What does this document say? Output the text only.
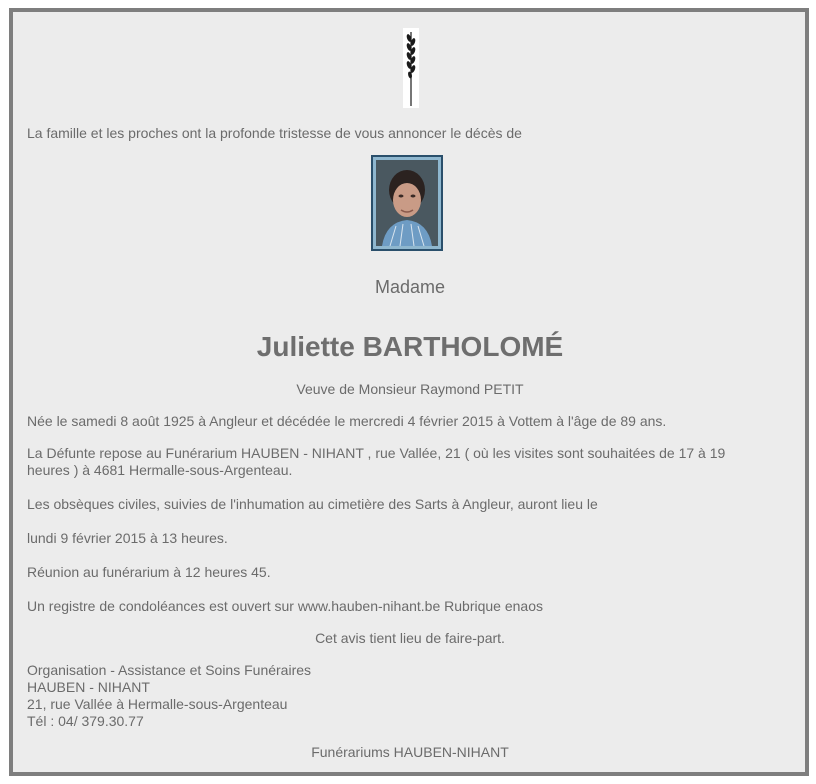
La famille et les proches ont la profonde tristesse de vous annoncer le décès de
Madame
Juliette BARTHOLOMÉ
Veuve de Monsieur Raymond PETIT
Née le samedi 8 août 1925 à Angleur et décédée le mercredi 4 février 2015 à Vottem à l'âge de 89 ans.
La Défunte repose au Funérarium HAUBEN - NIHANT , rue Vallée, 21 ( où les visites sont souhaitées de 17 à 19 heures ) à 4681 Hermalle-sous-Argenteau.
Les obsèques civiles, suivies de l'inhumation au cimetière des Sarts à Angleur, auront lieu le
lundi 9 février 2015 à 13 heures.
Réunion au funérarium à 12 heures 45.
Un registre de condoléances est ouvert sur www.hauben-nihant.be Rubrique enaos
Cet avis tient lieu de faire-part.
Organisation - Assistance et Soins Funéraires
HAUBEN - NIHANT
21, rue Vallée à Hermalle-sous-Argenteau
Tél : 04/ 379.30.77
Funérariums HAUBEN-NIHANT
